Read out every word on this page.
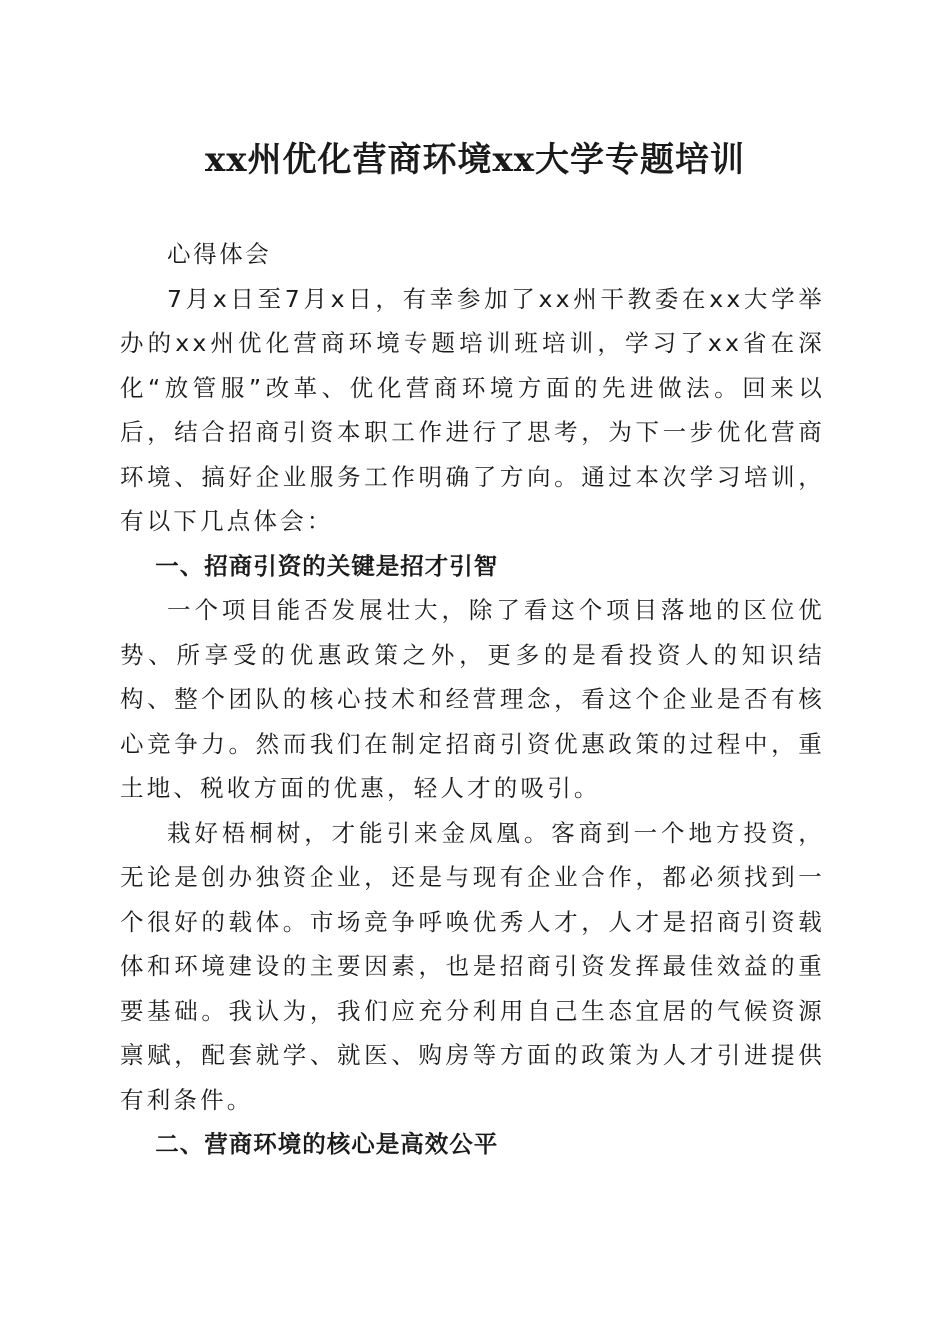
xx州优化营商环境xx大学专题培训

心得体会

7月x日至7月x日，有幸参加了xx州干教委在xx大学举办的xx州优化营商环境专题培训班培训，学习了xx省在深化“放管服”改革、优化营商环境方面的先进做法。回来以后，结合招商引资本职工作进行了思考，为下一步优化营商环境、搞好企业服务工作明确了方向。通过本次学习培训，有以下几点体会：

一、招商引资的关键是招才引智

一个项目能否发展壮大，除了看这个项目落地的区位优势、所享受的优惠政策之外，更多的是看投资人的知识结构、整个团队的核心技术和经营理念，看这个企业是否有核心竞争力。然而我们在制定招商引资优惠政策的过程中，重土地、税收方面的优惠，轻人才的吸引。

栽好梧桐树，才能引来金凤凰。客商到一个地方投资，无论是创办独资企业，还是与现有企业合作，都必须找到一个很好的载体。市场竞争呼唤优秀人才，人才是招商引资载体和环境建设的主要因素，也是招商引资发挥最佳效益的重要基础。我认为，我们应充分利用自己生态宜居的气候资源禀赋，配套就学、就医、购房等方面的政策为人才引进提供有利条件。

二、营商环境的核心是高效公平
